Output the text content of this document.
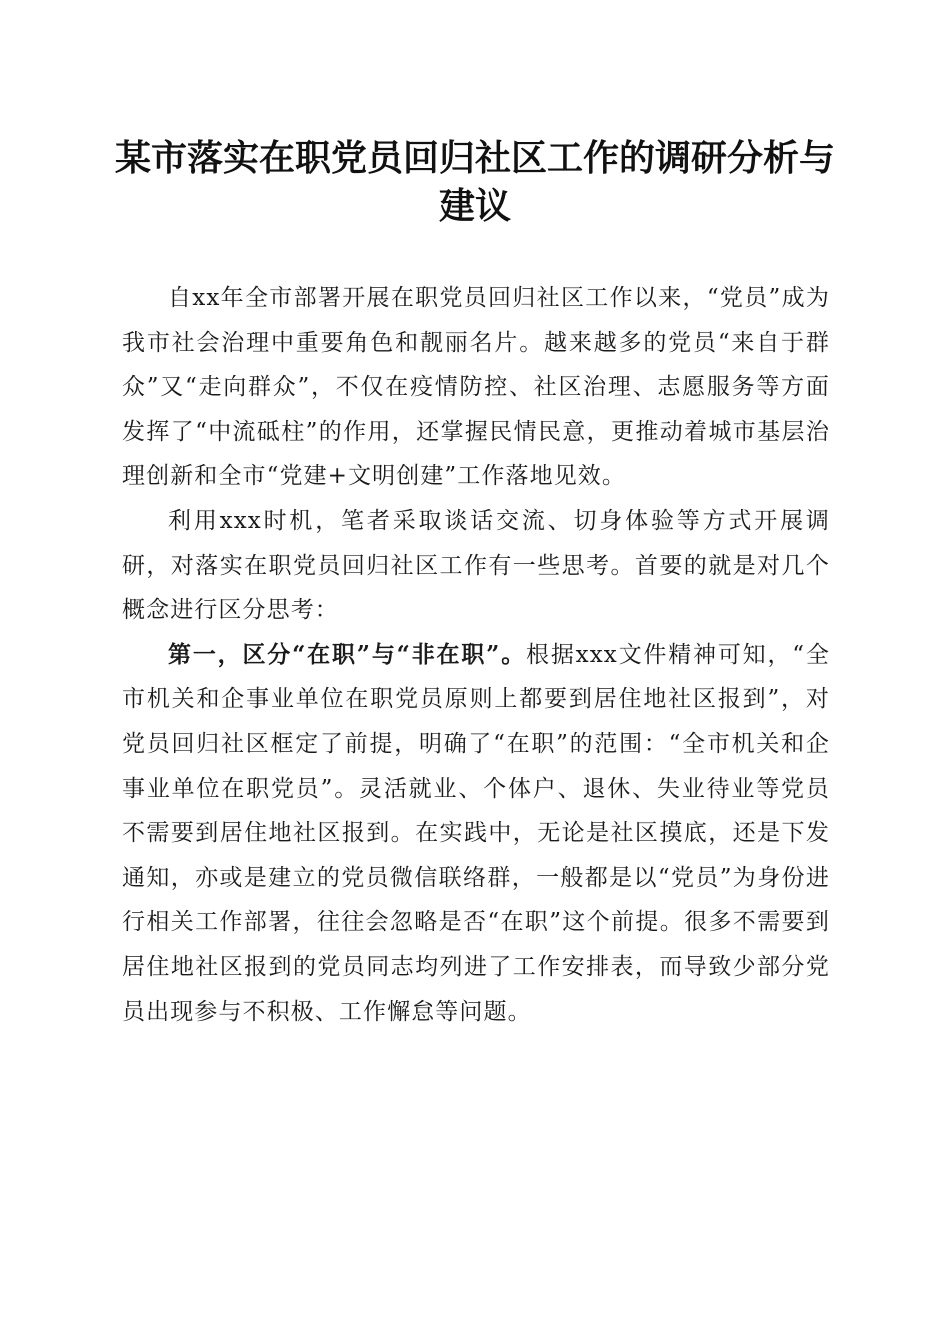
某市落实在职党员回归社区工作的调研分析与
建议

自xx年全市部署开展在职党员回归社区工作以来，“党员”成为我市社会治理中重要角色和靓丽名片。越来越多的党员“来自于群众”又“走向群众”，不仅在疫情防控、社区治理、志愿服务等方面发挥了“中流砥柱”的作用，还掌握民情民意，更推动着城市基层治理创新和全市“党建+文明创建”工作落地见效。

利用xxx时机，笔者采取谈话交流、切身体验等方式开展调研，对落实在职党员回归社区工作有一些思考。首要的就是对几个概念进行区分思考：

第一，区分“在职”与“非在职”。根据xxx文件精神可知，“全市机关和企事业单位在职党员原则上都要到居住地社区报到”，对党员回归社区框定了前提，明确了“在职”的范围：“全市机关和企事业单位在职党员”。灵活就业、个体户、退休、失业待业等党员不需要到居住地社区报到。在实践中，无论是社区摸底，还是下发通知，亦或是建立的党员微信联络群，一般都是以“党员”为身份进行相关工作部署，往往会忽略是否“在职”这个前提。很多不需要到居住地社区报到的党员同志均列进了工作安排表，而导致少部分党员出现参与不积极、工作懈怠等问题。
